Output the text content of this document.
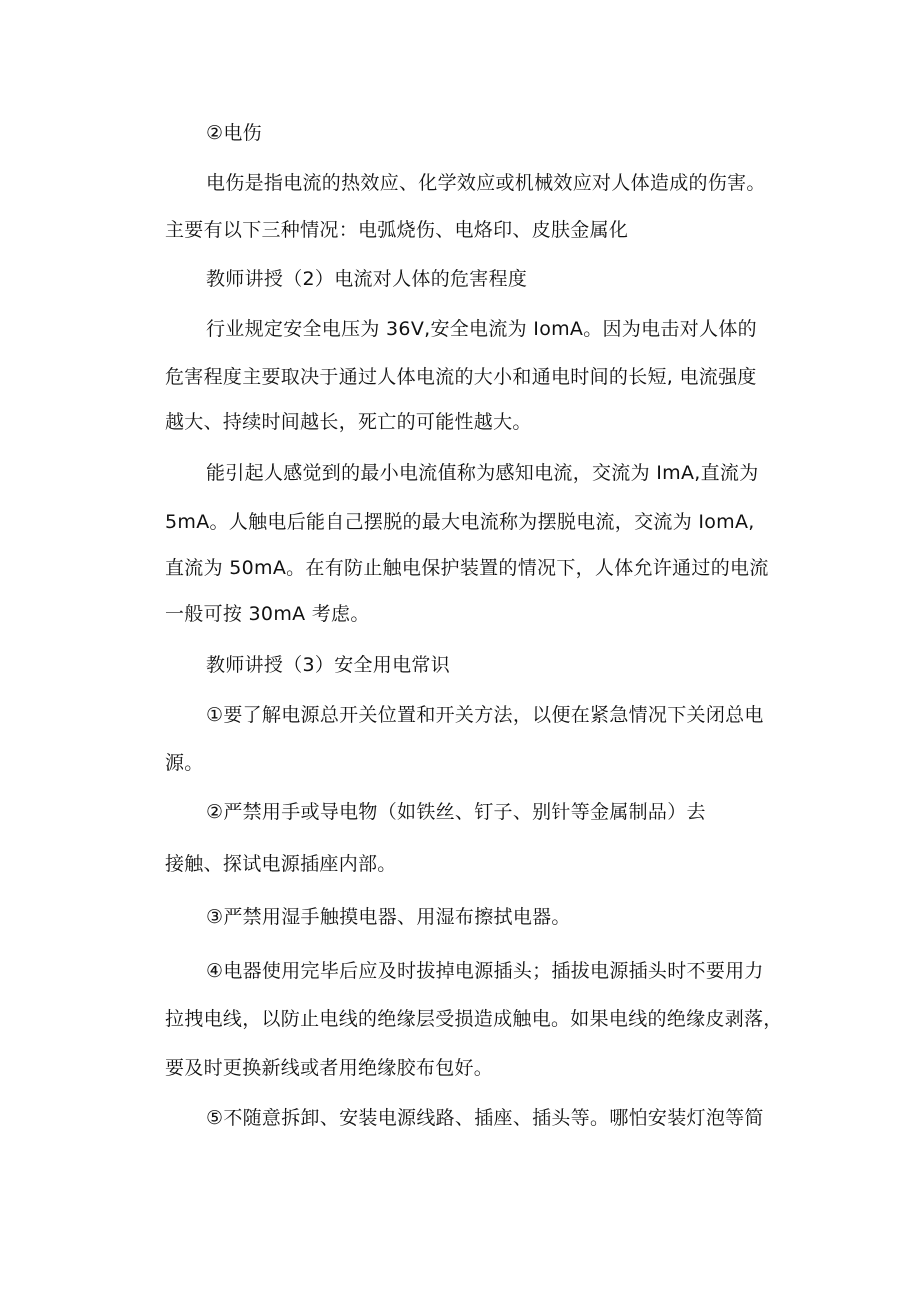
②电伤
电伤是指电流的热效应、化学效应或机械效应对人体造成的伤害。
主要有以下三种情况：电弧烧伤、电烙印、皮肤金属化
教师讲授（2）电流对人体的危害程度
行业规定安全电压为 36V,安全电流为 IomA。因为电击对人体的
危害程度主要取决于通过人体电流的大小和通电时间的长短, 电流强度
越大、持续时间越长，死亡的可能性越大。
能引起人感觉到的最小电流值称为感知电流，交流为 ImA,直流为
5mA。人触电后能自己摆脱的最大电流称为摆脱电流，交流为 IomA,
直流为 50mA。在有防止触电保护装置的情况下，人体允许通过的电流
一般可按 30mA 考虑。
教师讲授（3）安全用电常识
①要了解电源总开关位置和开关方法，以便在紧急情况下关闭总电
源。
②严禁用手或导电物（如铁丝、钉子、别针等金属制品）去
接触、探试电源插座内部。
③严禁用湿手触摸电器、用湿布擦拭电器。
④电器使用完毕后应及时拔掉电源插头；插拔电源插头时不要用力
拉拽电线，以防止电线的绝缘层受损造成触电。如果电线的绝缘皮剥落，
要及时更换新线或者用绝缘胶布包好。
⑤不随意拆卸、安装电源线路、插座、插头等。哪怕安装灯泡等简
